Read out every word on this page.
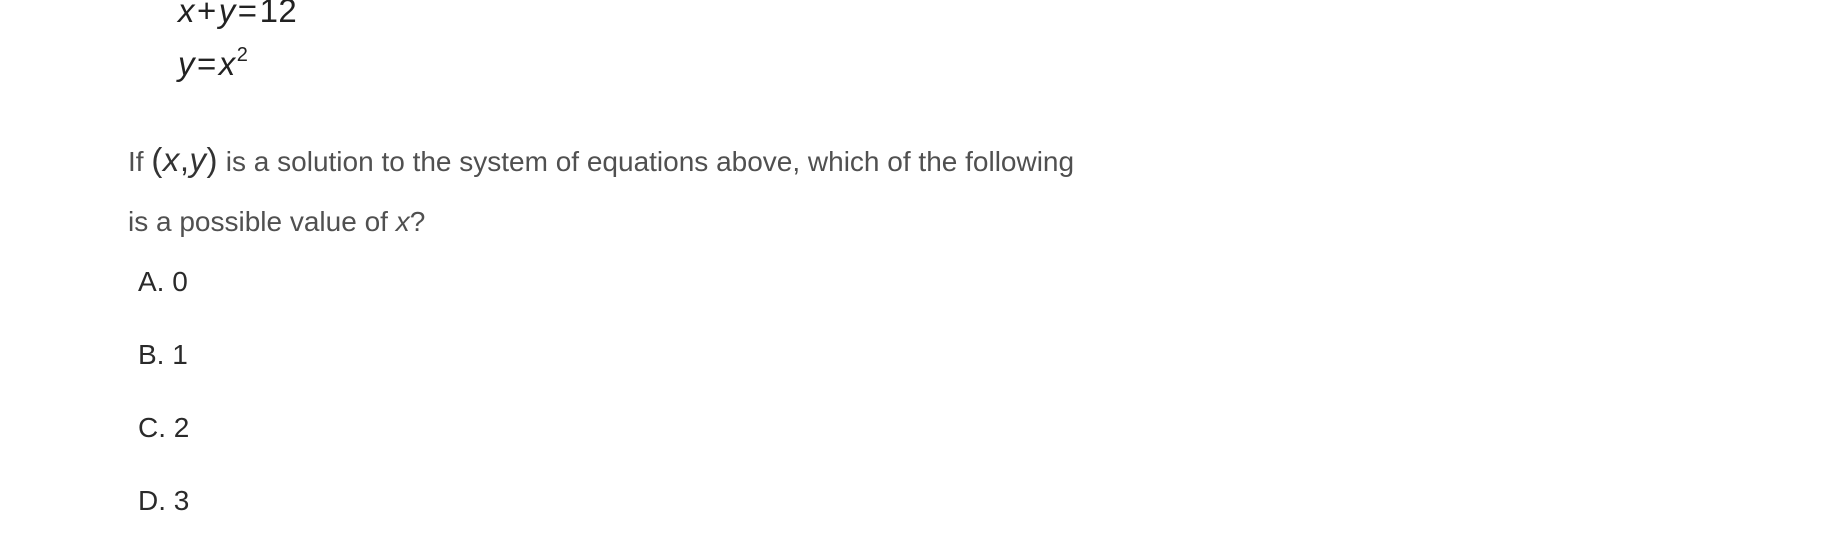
x+y=12
$y=x^2$
If (x,y) is a solution to the system of equations above, which of the following is a possible value of x?
A. 0
B. 1
C. 2
D. 3
